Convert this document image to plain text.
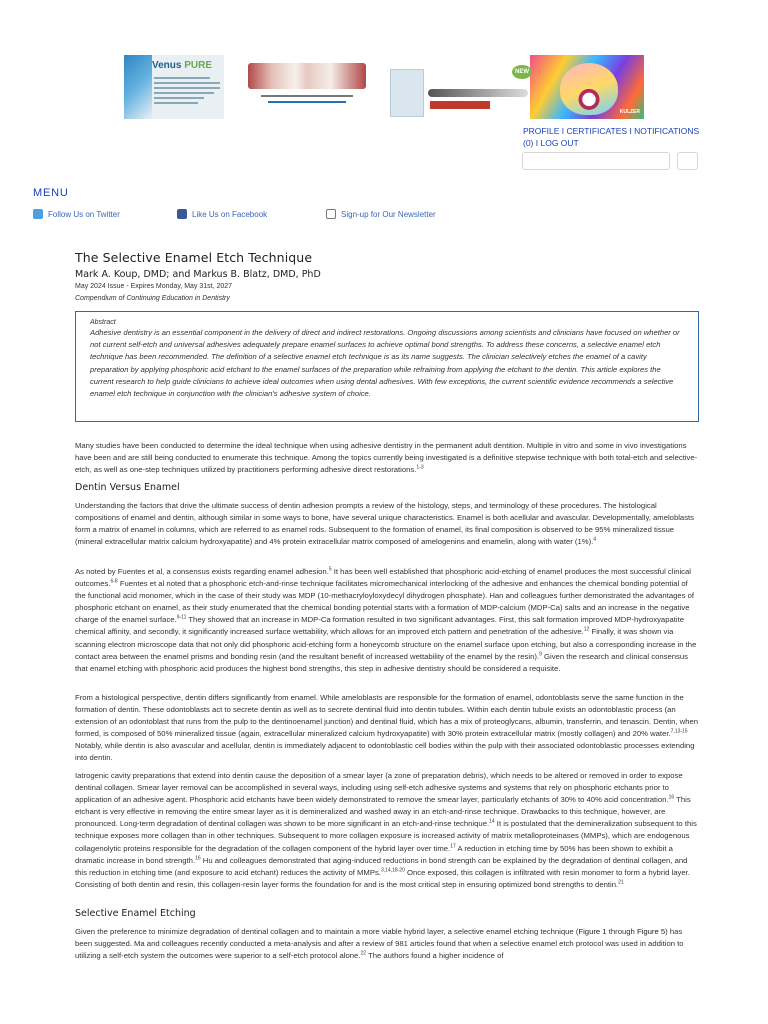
Venus PURE
NEW
KULZER
PROFILE I CERTIFICATES I NOTIFICATIONS
(0) I LOG OUT
MENU
Follow Us on Twitter	Like Us on Facebook	Sign-up for Our Newsletter
The Selective Enamel Etch Technique
Mark A. Koup, DMD; and Markus B. Blatz, DMD, PhD
May 2024 Issue - Expires Monday, May 31st, 2027
Compendium of Continuing Education in Dentistry
Abstract
Adhesive dentistry is an essential component in the delivery of direct and indirect restorations. Ongoing discussions among scientists and clinicians have focused on whether or not current self-etch and universal adhesives adequately prepare enamel surfaces to achieve optimal bond strengths. To address these concerns, a selective enamel etch technique has been recommended. The definition of a selective enamel etch technique is as its name suggests. The clinician selectively etches the enamel of a cavity preparation by applying phosphoric acid etchant to the enamel surfaces of the preparation while refraining from applying the etchant to the dentin. This article explores the current research to help guide clinicians to achieve ideal outcomes when using dental adhesives. With few exceptions, the current scientific evidence recommends a selective enamel etch technique in conjunction with the clinician's adhesive system of choice.
Many studies have been conducted to determine the ideal technique when using adhesive dentistry in the permanent adult dentition. Multiple in vitro and some in vivo investigations have been and are still being conducted to enumerate this technique. Among the topics currently being investigated is a definitive stepwise technique with both total-etch and selective-etch, as well as one-step techniques utilized by practitioners performing adhesive direct restorations.$^{1-3}$
Dentin Versus Enamel
Understanding the factors that drive the ultimate success of dentin adhesion prompts a review of the histology, steps, and terminology of these procedures. The histological compositions of enamel and dentin, although similar in some ways to bone, have several unique characteristics. Enamel is both acellular and avascular. Developmentally, ameloblasts form a matrix of enamel in columns, which are referred to as enamel rods. Subsequent to the formation of enamel, its final composition is observed to be 95% mineralized tissue (mineral extracellular matrix calcium hydroxyapatite) and 4% protein extracellular matrix composed of amelogenins and enamelin, along with water (1%).$^4$
As noted by Fuentes et al, a consensus exists regarding enamel adhesion.$^5$ It has been well established that phosphoric acid-etching of enamel produces the most successful clinical outcomes.$^{6-8}$ Fuentes et al noted that a phosphoric etch-and-rinse technique facilitates micromechanical interlocking of the adhesive and enhances the chemical bonding potential of the functional acid monomer, which in the case of their study was MDP (10-methacryloyloxydecyl dihydrogen phosphate). Han and colleagues further demonstrated the advantages of phosphoric etchant on enamel, as their study enumerated that the chemical bonding potential starts with a formation of MDP-calcium (MDP-Ca) salts and an increase in the negative charge of the enamel surface.$^{9-11}$ They showed that an increase in MDP-Ca formation resulted in two significant advantages. First, this salt formation improved MDP-hydroxyapatite chemical affinity, and secondly, it significantly increased surface wettability, which allows for an improved etch pattern and penetration of the adhesive.$^{12}$ Finally, it was shown via scanning electron microscope data that not only did phosphoric acid-etching form a honeycomb structure on the enamel surface upon etching, but also a corresponding increase in the contact area between the enamel prisms and bonding resin (and the resultant benefit of increased wettability of the enamel by the resin).$^9$ Given the research and clinical consensus that enamel etching with phosphoric acid produces the highest bond strengths, this step in adhesive dentistry should be considered a requisite.
From a histological perspective, dentin differs significantly from enamel. While ameloblasts are responsible for the formation of enamel, odontoblasts serve the same function in the formation of dentin. These odontoblasts act to secrete dentin as well as to secrete dentinal fluid into dentin tubules. Within each dentin tubule exists an odontoblastic process (an extension of an odontoblast that runs from the pulp to the dentinoenamel junction) and dentinal fluid, which has a mix of proteoglycans, albumin, transferrin, and tenascin. Dentin, when formed, is composed of 50% mineralized tissue (again, extracellular mineralized calcium hydroxyapatite) with 30% protein extracellular matrix (mostly collagen) and 20% water.$^{7,13-15}$ Notably, while dentin is also avascular and acellular, dentin is immediately adjacent to odontoblastic cell bodies within the pulp with their associated odontoblastic processes extending into dentin.
Iatrogenic cavity preparations that extend into dentin cause the deposition of a smear layer (a zone of preparation debris), which needs to be altered or removed in order to expose dentinal collagen. Smear layer removal can be accomplished in several ways, including using self-etch adhesive systems and systems that rely on phosphoric etchants prior to application of an adhesive agent. Phosphoric acid etchants have been widely demonstrated to remove the smear layer, particularly etchants of 30% to 40% acid concentration.$^{16}$ This etchant is very effective in removing the entire smear layer as it is demineralized and washed away in an etch-and-rinse technique. Drawbacks to this technique, however, are pronounced. Long-term degradation of dentinal collagen was shown to be more significant in an etch-and-rinse technique.$^{14}$ It is postulated that the demineralization subsequent to this technique exposes more collagen than in other techniques. Subsequent to more collagen exposure is increased activity of matrix metalloproteinases (MMPs), which are endogenous collagenolytic proteins responsible for the degradation of the collagen component of the hybrid layer over time.$^{17}$ A reduction in etching time by 50% has been shown to exhibit a dramatic increase in bond strength.$^{16}$ Hu and colleagues demonstrated that aging-induced reductions in bond strength can be explained by the degradation of dentinal collagen, and this reduction in etching time (and exposure to acid etchant) reduces the activity of MMPs.$^{3,14,18-20}$ Once exposed, this collagen is infiltrated with resin monomer to form a hybrid layer. Consisting of both dentin and resin, this collagen-resin layer forms the foundation for and is the most critical step in ensuring optimized bond strengths to dentin.$^{21}$
Selective Enamel Etching
Given the preference to minimize degradation of dentinal collagen and to maintain a more viable hybrid layer, a selective enamel etching technique (Figure 1 through Figure 5) has been suggested. Ma and colleagues recently conducted a meta-analysis and after a review of 981 articles found that when a selective enamel etch protocol was used in addition to utilizing a self-etch system the outcomes were superior to a self-etch protocol alone.$^{22}$ The authors found a higher incidence of
